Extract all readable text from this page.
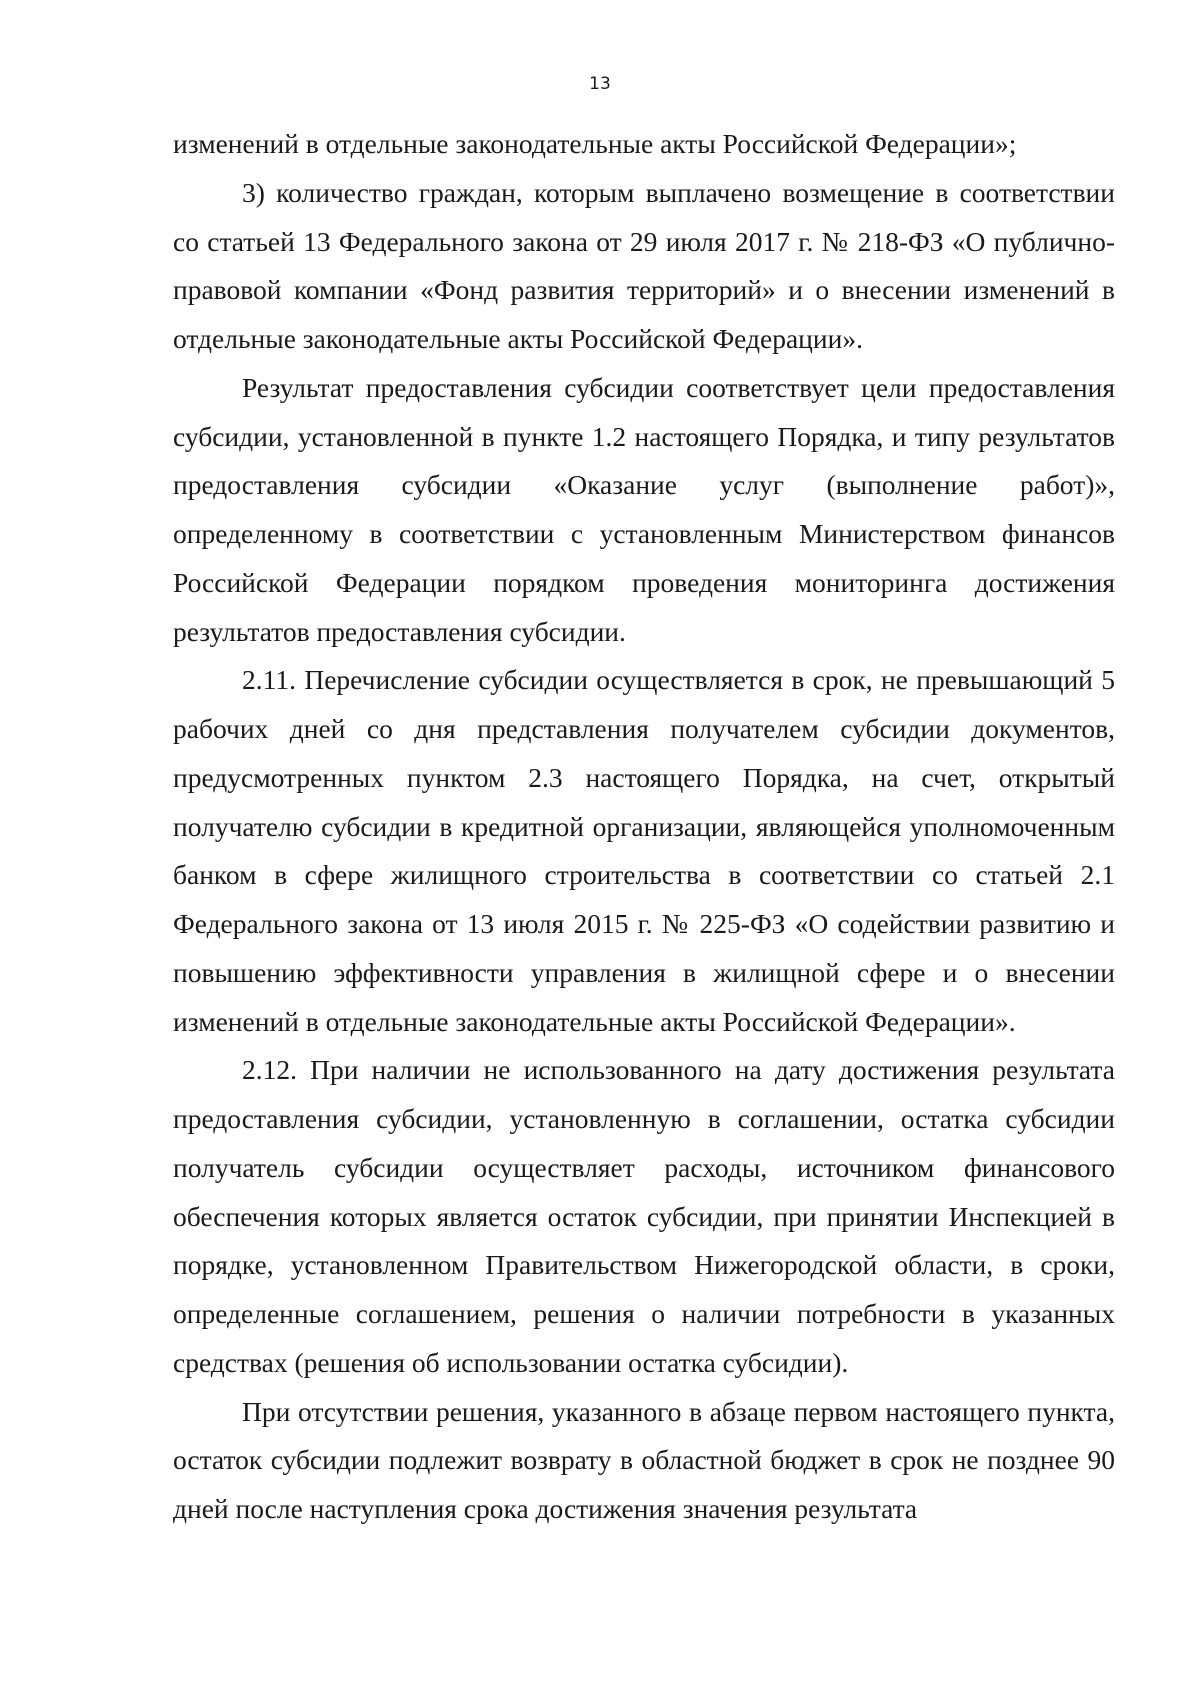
13

изменений в отдельные законодательные акты Российской Федерации»;

3) количество граждан, которым выплачено возмещение в соответствии со статьей 13 Федерального закона от 29 июля 2017 г. № 218-ФЗ «О публично-правовой компании «Фонд развития территорий» и о внесении изменений в отдельные законодательные акты Российской Федерации».

Результат предоставления субсидии соответствует цели предоставления субсидии, установленной в пункте 1.2 настоящего Порядка, и типу результатов предоставления субсидии «Оказание услуг (выполнение работ)», определенному в соответствии с установленным Министерством финансов Российской Федерации порядком проведения мониторинга достижения результатов предоставления субсидии.

2.11. Перечисление субсидии осуществляется в срок, не превышающий 5 рабочих дней со дня представления получателем субсидии документов, предусмотренных пунктом 2.3 настоящего Порядка, на счет, открытый получателю субсидии в кредитной организации, являющейся уполномоченным банком в сфере жилищного строительства в соответствии со статьей 2.1 Федерального закона от 13 июля 2015 г. № 225-ФЗ «О содействии развитию и повышению эффективности управления в жилищной сфере и о внесении изменений в отдельные законодательные акты Российской Федерации».

2.12. При наличии не использованного на дату достижения результата предоставления субсидии, установленную в соглашении, остатка субсидии получатель субсидии осуществляет расходы, источником финансового обеспечения которых является остаток субсидии, при принятии Инспекцией в порядке, установленном Правительством Нижегородской области, в сроки, определенные соглашением, решения о наличии потребности в указанных средствах (решения об использовании остатка субсидии).

При отсутствии решения, указанного в абзаце первом настоящего пункта, остаток субсидии подлежит возврату в областной бюджет в срок не позднее 90 дней после наступления срока достижения значения результата
